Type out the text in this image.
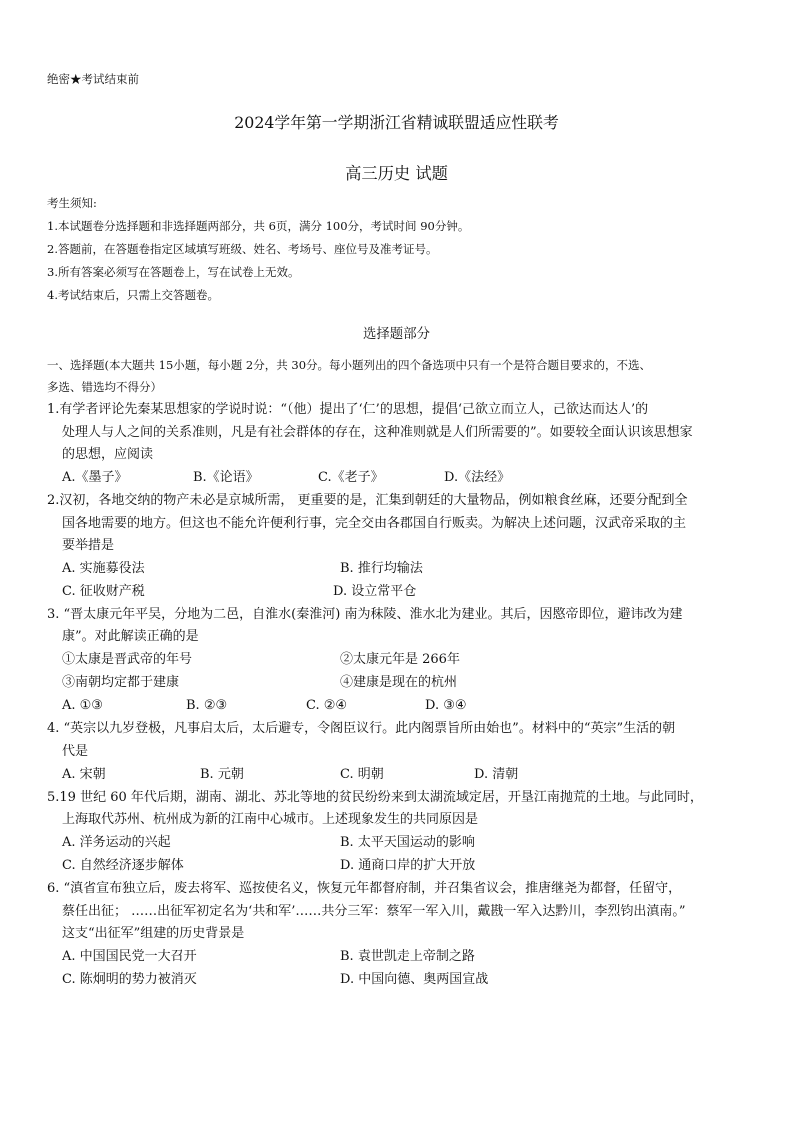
绝密★考试结束前
2024学年第一学期浙江省精诚联盟适应性联考
高三历史 试题
考生须知:
1.本试题卷分选择题和非选择题两部分，共 6页，满分 100分，考试时间 90分钟。
2.答题前，在答题卷指定区域填写班级、姓名、考场号、座位号及准考证号。
3.所有答案必须写在答题卷上，写在试卷上无效。
4.考试结束后，只需上交答题卷。
选择题部分
一、选择题(本大题共 15小题，每小题 2分，共 30分。每小题列出的四个备选项中只有一个是符合题目要求的，不选、
多选、错选均不得分）
1.有学者评论先秦某思想家的学说时说：“（他）提出了‘仁’的思想，提倡‘己欲立而立人，己欲达而达人’的
处理人与人之间的关系准则，凡是有社会群体的存在，这种准则就是人们所需要的”。如要较全面认识该思想家
的思想，应阅读
A.《墨子》	B.《论语》	C.《老子》	D.《法经》
2.汉初，各地交纳的物产未必是京城所需， 更重要的是，汇集到朝廷的大量物品，例如粮食丝麻，还要分配到全
国各地需要的地方。但这也不能允许便利行事，完全交由各郡国自行贩卖。为解决上述问题，汉武帝采取的主
要举措是
A. 实施募役法	B. 推行均输法
C. 征收财产税	D. 设立常平仓
3. “晋太康元年平吴，分地为二邑，自淮水(秦淮河) 南为秣陵、淮水北为建业。其后，因愍帝即位，避讳改为建
康”。对此解读正确的是
①太康是晋武帝的年号	②太康元年是 266年
③南朝均定都于建康	④建康是现在的杭州
A. ①③	B. ②③	C. ②④	D. ③④
4. “英宗以九岁登极，凡事启太后，太后避专，令阁臣议行。此内阁票旨所由始也”。材料中的“英宗”生活的朝
代是
A. 宋朝	B. 元朝	C. 明朝	D. 清朝
5.19 世纪 60 年代后期，湖南、湖北、苏北等地的贫民纷纷来到太湖流域定居，开垦江南抛荒的土地。与此同时，
上海取代苏州、杭州成为新的江南中心城市。上述现象发生的共同原因是
A. 洋务运动的兴起	B. 太平天国运动的影响
C. 自然经济逐步解体	D. 通商口岸的扩大开放
6. “滇省宣布独立后，废去将军、巡按使名义，恢复元年都督府制，并召集省议会，推唐继尧为都督，任留守，
蔡任出征； ……出征军初定名为‘共和军’……共分三军：蔡军一军入川，戴戡一军入达黔川，李烈钧出滇南。”
这支“出征军”组建的历史背景是
A. 中国国民党一大召开	B. 袁世凯走上帝制之路
C. 陈炯明的势力被消灭	D. 中国向德、奥两国宣战
